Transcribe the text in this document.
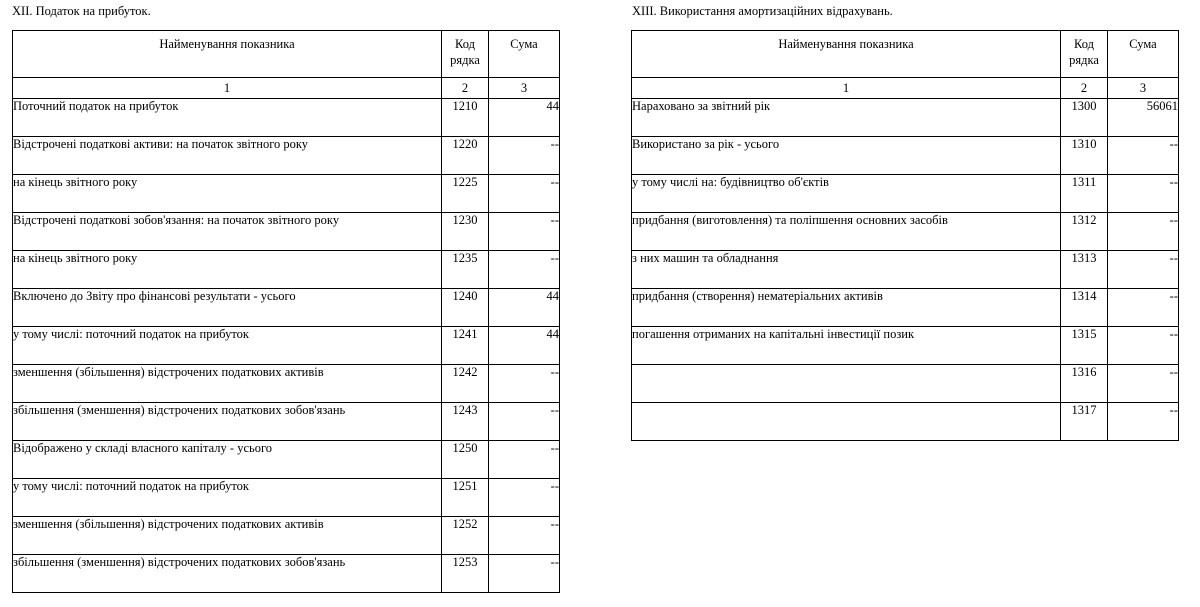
XII. Податок на прибуток.	XIII. Використання амортизаційних відрахувань.
Найменування показника	Код рядка	Сума
1	2	3
Поточний податок на прибуток	1210	44
Відстрочені податкові активи: на початок звітного року	1220	--
на кінець звітного року	1225	--
Відстрочені податкові зобов'язання: на початок звітного року	1230	--
на кінець звітного року	1235	--
Включено до Звіту про фінансові результати - усього	1240	44
у тому числі: поточний податок на прибуток	1241	44
зменшення (збільшення) відстрочених податкових активів	1242	--
збільшення (зменшення) відстрочених податкових зобов'язань	1243	--
Відображено у складі власного капіталу - усього	1250	--
у тому числі: поточний податок на прибуток	1251	--
зменшення (збільшення) відстрочених податкових активів	1252	--
збільшення (зменшення) відстрочених податкових зобов'язань	1253	--
Найменування показника	Код рядка	Сума
1	2	3
Нараховано за звітний рік	1300	56061
Використано за рік - усього	1310	--
у тому числі на: будівництво об'єктів	1311	--
придбання (виготовлення) та поліпшення основних засобів	1312	--
з них машин та обладнання	1313	--
придбання (створення) нематеріальних активів	1314	--
погашення отриманих на капітальні інвестиції позик	1315	--
	1316	--
	1317	--
